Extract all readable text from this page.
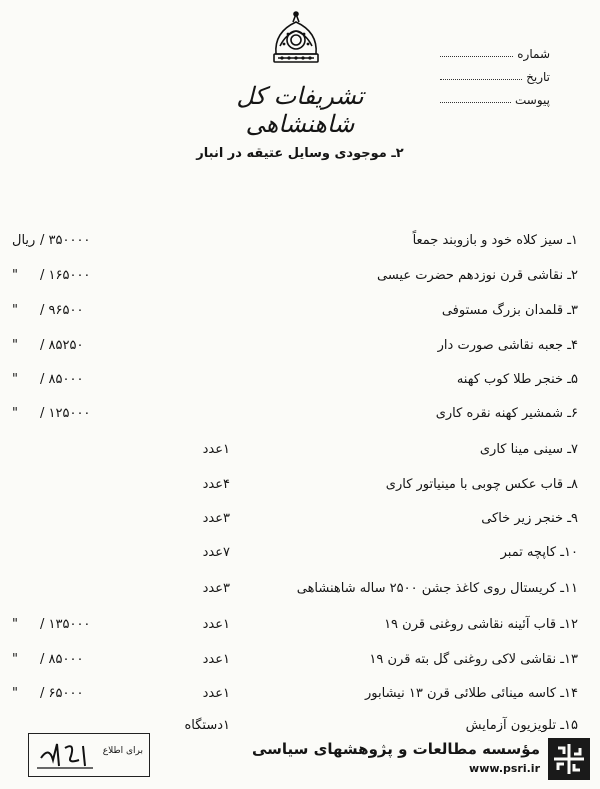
تشریفات کل شاهنشاهی
شماره
تاریخ
پیوست
۲ـ موجودی وسایل عتیقه در انبار
۱ـ سیز کلاه خود و بازوبند جمعاً
/ ۳۵۰۰۰۰
ریال
۲ـ نقاشی قرن نوزدهم حضرت عیسی
/ ۱۶۵۰۰۰
"
۳ـ قلمدان بزرگ مستوفی
/ ۹۶۵۰۰
"
۴ـ جعبه نقاشی صورت دار
/ ۸۵۲۵۰
"
۵ـ خنجر طلا کوب کهنه
/ ۸۵۰۰۰
"
۶ـ شمشیر کهنه نقره کاری
/ ۱۲۵۰۰۰
"
۷ـ سینی مینا کاری
۱عدد
۸ـ قاب عکس چوبی با مینیاتور کاری
۴عدد
۹ـ خنجر زیر خاکی
۳عدد
۱۰ـ کاپچه تمبر
۷عدد
۱۱ـ کریستال روی کاغذ جشن ۲۵۰۰ ساله شاهنشاهی
۳عدد
۱۲ـ قاب آئینه نقاشی روغنی قرن ۱۹
۱عدد
/ ۱۳۵۰۰۰
"
۱۳ـ نقاشی لاکی روغنی گل بته قرن ۱۹
۱عدد
/ ۸۵۰۰۰
"
۱۴ـ کاسه مینائی طلائی قرن ۱۳ نیشابور
۱عدد
/ ۶۵۰۰۰
"
۱۵ـ تلویزیون آزمایش
۱دستگاه
برای اطلاع	مؤسسه مطالعات و پژوهشهای سیاسی
www.psri.ir
